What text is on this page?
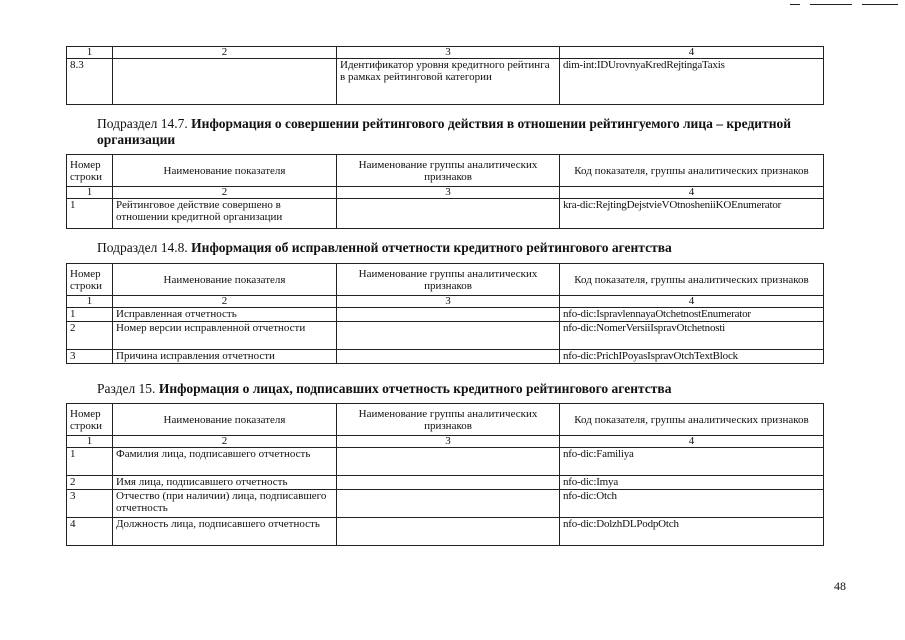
1	2	3	4
8.3		Идентификатор уровня кредитного рейтинга в рамках рейтинговой категории	dim-int:IDUrovnyaKredRejtingaTaxis
Подраздел 14.7. Информация о совершении рейтингового действия в отношении рейтингуемого лица – кредитной организации
Номер строки	Наименование показателя	Наименование группы аналитических признаков	Код показателя, группы аналитических признаков
1	2	3	4
1	Рейтинговое действие совершено в отношении кредитной организации		kra-dic:RejtingDejstvieVOtnosheniiKOEnumerator
Подраздел 14.8. Информация об исправленной отчетности кредитного рейтингового агентства
Номер строки	Наименование показателя	Наименование группы аналитических признаков	Код показателя, группы аналитических признаков
1	2	3	4
1	Исправленная отчетность		nfo-dic:IspravlennayaOtchetnostEnumerator
2	Номер версии исправленной отчетности		nfo-dic:NomerVersiiIspravOtchetnosti
3	Причина исправления отчетности		nfo-dic:PrichIPoyasIspravOtchTextBlock
Раздел 15. Информация о лицах, подписавших отчетность кредитного рейтингового агентства
Номер строки	Наименование показателя	Наименование группы аналитических признаков	Код показателя, группы аналитических признаков
1	2	3	4
1	Фамилия лица, подписавшего отчетность		nfo-dic:Familiya
2	Имя лица, подписавшего отчетность		nfo-dic:Imya
3	Отчество (при наличии) лица, подписавшего отчетность		nfo-dic:Otch
4	Должность лица, подписавшего отчетность		nfo-dic:DolzhDLPodpOtch
48
